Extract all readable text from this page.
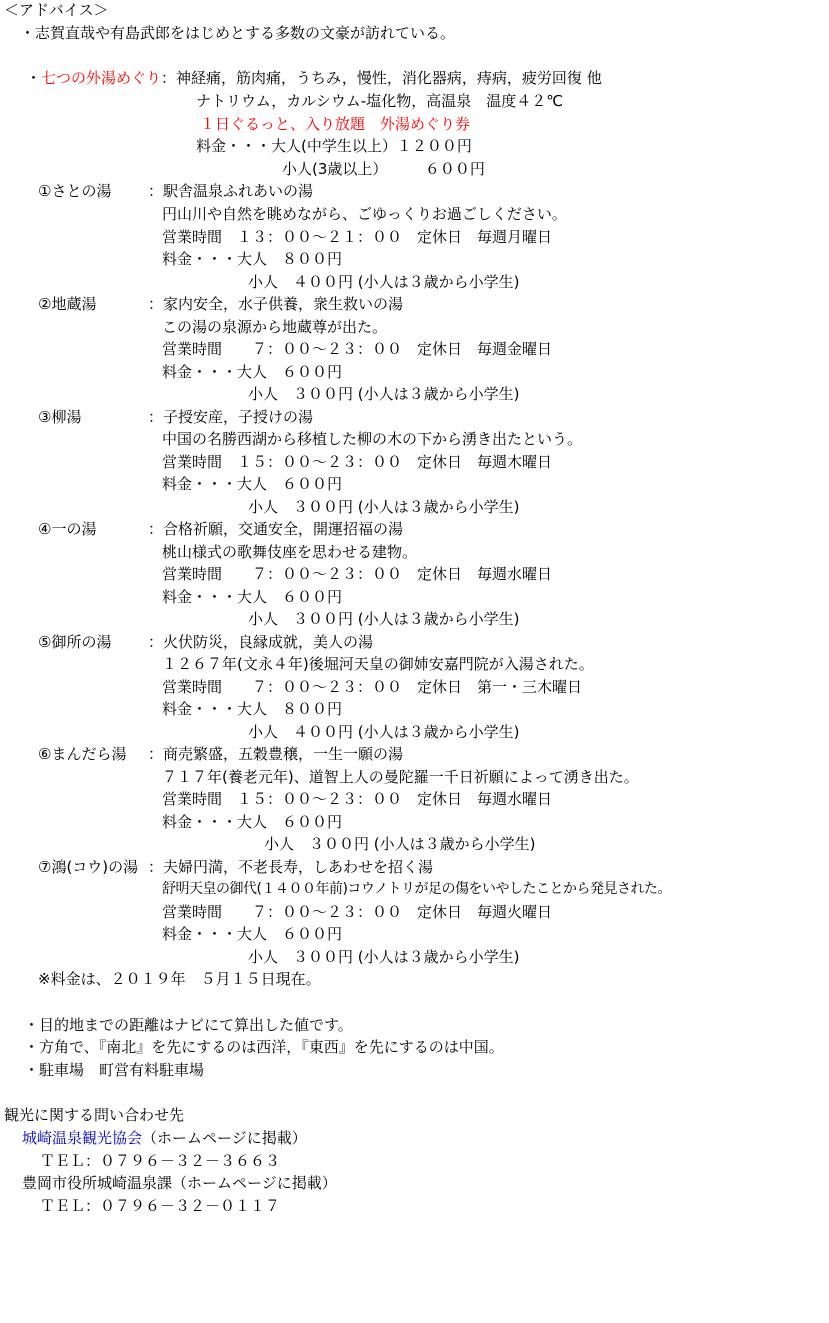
＜アドバイス＞
・志賀直哉や有島武郎をはじめとする多数の文豪が訪れている。
・七つの外湯めぐり：神経痛，筋肉痛，うちみ，慢性，消化器病，痔病，疲労回復 他
ナトリウム，カルシウム-塩化物，高温泉　温度４２℃
１日ぐるっと、入り放題　外湯めぐり券
料金・・・大人(中学生以上）１２００円
小人(3歳以上）　　　６００円
①さとの湯 ：駅舎温泉ふれあいの湯
円山川や自然を眺めながら、ごゆっくりお過ごしください。
営業時間　１３：００～２１：００　定休日　毎週月曜日
料金・・・大人　８００円
小人　４００円 (小人は３歳から小学生)
②地蔵湯	：家内安全，水子供養，衆生救いの湯
この湯の泉源から地蔵尊が出た。
営業時間　　７：００～２３：００　定休日　毎週金曜日
料金・・・大人　６００円
小人　３００円 (小人は３歳から小学生)
③柳湯	：子授安産，子授けの湯
中国の名勝西湖から移植した柳の木の下から湧き出たという。
営業時間　１５：００～２３：００　定休日　毎週木曜日
料金・・・大人　６００円
小人　３００円 (小人は３歳から小学生)
④一の湯	：合格祈願，交通安全，開運招福の湯
桃山様式の歌舞伎座を思わせる建物。
営業時間　　７：００～２３：００　定休日　毎週水曜日
料金・・・大人　６００円
小人　３００円 (小人は３歳から小学生)
⑤御所の湯 ：火伏防災，良縁成就，美人の湯
１２６７年(文永４年)後堀河天皇の御姉安嘉門院が入湯された。
営業時間　　７：００～２３：００　定休日　第一・三木曜日
料金・・・大人　８００円
小人　４００円 (小人は３歳から小学生)
⑥まんだら湯 ：商売繁盛，五穀豊穣，一生一願の湯
７１７年(養老元年)、道智上人の曼陀羅一千日祈願によって湧き出た。
営業時間　１５：００～２３：００　定休日　毎週水曜日
料金・・・大人　６００円
小人　３００円 (小人は３歳から小学生)
⑦鴻(コウ)の湯 ：夫婦円満，不老長寿，しあわせを招く湯
舒明天皇の御代(１４００年前)コウノトリが足の傷をいやしたことから発見された。
営業時間　　７：００～２３：００　定休日　毎週火曜日
料金・・・大人　６００円
小人　３００円 (小人は３歳から小学生)
※料金は、２０１９年　５月１５日現在。
・目的地までの距離はナビにて算出した値です。
・方角で、『南北』を先にするのは西洋，『東西』を先にするのは中国。
・駐車場　町営有料駐車場
観光に関する問い合わせ先
城崎温泉観光協会（ホームページに掲載）
ＴＥＬ：０７９６－３２－３６６３
豊岡市役所城崎温泉課（ホームページに掲載）
ＴＥＬ：０７９６－３２－０１１７
